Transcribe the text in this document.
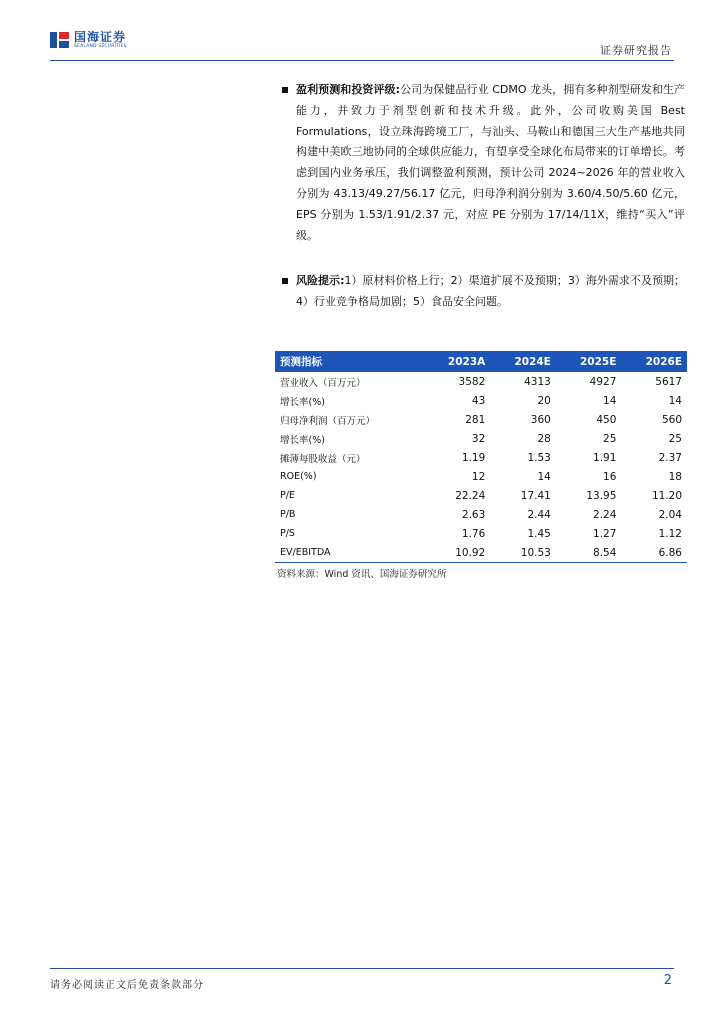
国海证券
SEALAND SECURITIES	证券研究报告
盈利预测和投资评级:公司为保健品行业 CDMO 龙头，拥有多种剂型研发和生产能力，并致力于剂型创新和技术升级。此外，公司收购美国 Best Formulations，设立珠海跨境工厂，与汕头、马鞍山和德国三大生产基地共同构建中美欧三地协同的全球供应能力，有望享受全球化布局带来的订单增长。考虑到国内业务承压，我们调整盈利预测，预计公司 2024~2026 年的营业收入分别为 43.13/49.27/56.17 亿元，归母净利润分别为 3.60/4.50/5.60 亿元，EPS 分别为 1.53/1.91/2.37 元，对应 PE 分别为 17/14/11X，维持“买入”评级。
风险提示:1）原材料价格上行；2）渠道扩展不及预期；3）海外需求不及预期；4）行业竞争格局加剧；5）食品安全问题。
预测指标	2023A	2024E	2025E	2026E
营业收入（百万元）	3582	4313	4927	5617
增长率(%)	43	20	14	14
归母净利润（百万元）	281	360	450	560
增长率(%)	32	28	25	25
摊薄每股收益（元）	1.19	1.53	1.91	2.37
ROE(%)	12	14	16	18
P/E	22.24	17.41	13.95	11.20
P/B	2.63	2.44	2.24	2.04
P/S	1.76	1.45	1.27	1.12
EV/EBITDA	10.92	10.53	8.54	6.86
资料来源：Wind 资讯、国海证券研究所
请务必阅读正文后免责条款部分	2
